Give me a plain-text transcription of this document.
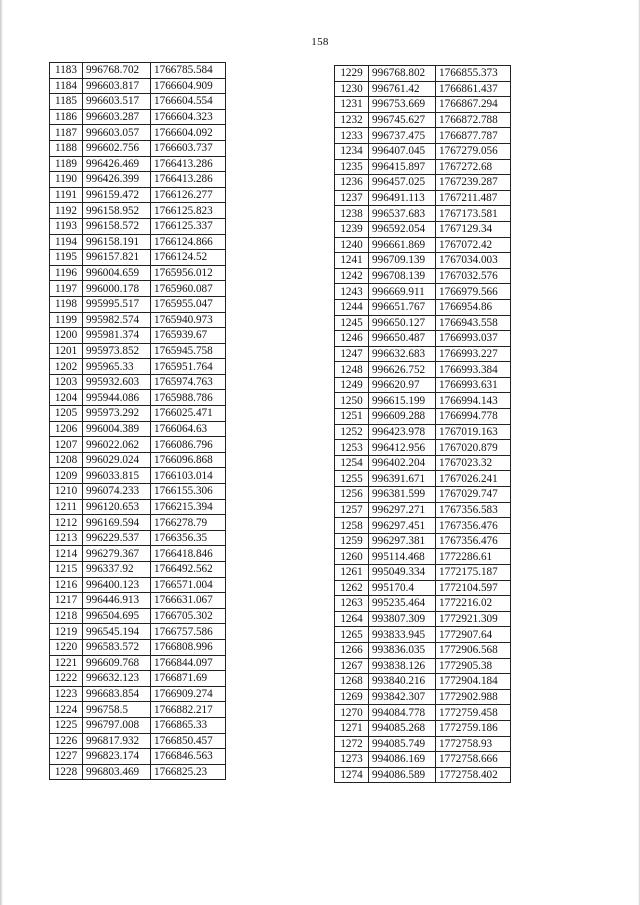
158
1183	996768.702	1766785.584
1184	996603.817	1766604.909
1185	996603.517	1766604.554
1186	996603.287	1766604.323
1187	996603.057	1766604.092
1188	996602.756	1766603.737
1189	996426.469	1766413.286
1190	996426.399	1766413.286
1191	996159.472	1766126.277
1192	996158.952	1766125.823
1193	996158.572	1766125.337
1194	996158.191	1766124.866
1195	996157.821	1766124.52
1196	996004.659	1765956.012
1197	996000.178	1765960.087
1198	995995.517	1765955.047
1199	995982.574	1765940.973
1200	995981.374	1765939.67
1201	995973.852	1765945.758
1202	995965.33	1765951.764
1203	995932.603	1765974.763
1204	995944.086	1765988.786
1205	995973.292	1766025.471
1206	996004.389	1766064.63
1207	996022.062	1766086.796
1208	996029.024	1766096.868
1209	996033.815	1766103.014
1210	996074.233	1766155.306
1211	996120.653	1766215.394
1212	996169.594	1766278.79
1213	996229.537	1766356.35
1214	996279.367	1766418.846
1215	996337.92	1766492.562
1216	996400.123	1766571.004
1217	996446.913	1766631.067
1218	996504.695	1766705.302
1219	996545.194	1766757.586
1220	996583.572	1766808.996
1221	996609.768	1766844.097
1222	996632.123	1766871.69
1223	996683.854	1766909.274
1224	996758.5	1766882.217
1225	996797.008	1766865.33
1226	996817.932	1766850.457
1227	996823.174	1766846.563
1228	996803.469	1766825.23
1229	996768.802	1766855.373
1230	996761.42	1766861.437
1231	996753.669	1766867.294
1232	996745.627	1766872.788
1233	996737.475	1766877.787
1234	996407.045	1767279.056
1235	996415.897	1767272.68
1236	996457.025	1767239.287
1237	996491.113	1767211.487
1238	996537.683	1767173.581
1239	996592.054	1767129.34
1240	996661.869	1767072.42
1241	996709.139	1767034.003
1242	996708.139	1767032.576
1243	996669.911	1766979.566
1244	996651.767	1766954.86
1245	996650.127	1766943.558
1246	996650.487	1766993.037
1247	996632.683	1766993.227
1248	996626.752	1766993.384
1249	996620.97	1766993.631
1250	996615.199	1766994.143
1251	996609.288	1766994.778
1252	996423.978	1767019.163
1253	996412.956	1767020.879
1254	996402.204	1767023.32
1255	996391.671	1767026.241
1256	996381.599	1767029.747
1257	996297.271	1767356.583
1258	996297.451	1767356.476
1259	996297.381	1767356.476
1260	995114.468	1772286.61
1261	995049.334	1772175.187
1262	995170.4	1772104.597
1263	995235.464	1772216.02
1264	993807.309	1772921.309
1265	993833.945	1772907.64
1266	993836.035	1772906.568
1267	993838.126	1772905.38
1268	993840.216	1772904.184
1269	993842.307	1772902.988
1270	994084.778	1772759.458
1271	994085.268	1772759.186
1272	994085.749	1772758.93
1273	994086.169	1772758.666
1274	994086.589	1772758.402
